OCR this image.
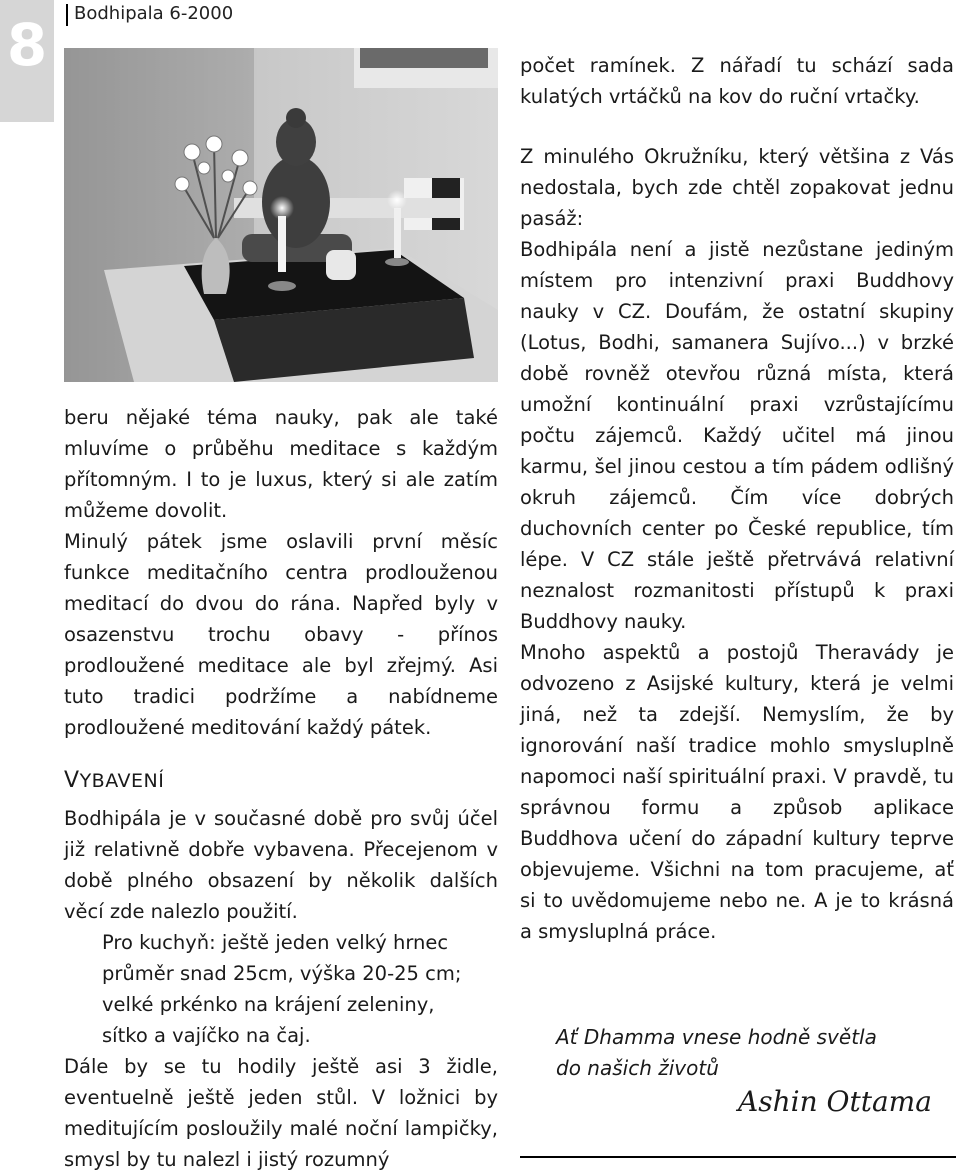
8	Bodhipala 6-2000

beru nějaké téma nauky, pak ale také mluvíme o průběhu meditace s každým přítomným. I to je luxus, který si ale zatím můžeme dovolit.

Minulý pátek jsme oslavili první měsíc funkce meditačního centra prodlouženou meditací do dvou do rána. Napřed byly v osazenstvu trochu obavy - přínos prodloužené meditace ale byl zřejmý. Asi tuto tradici podržíme a nabídneme prodloužené meditování každý pátek.

VYBAVENÍ

Bodhipála je v současné době pro svůj účel již relativně dobře vybavena. Přecejenom v době plného obsazení by několik dalších věcí zde nalezlo použití.

Pro kuchyň: ještě jeden velký hrnec
průměr snad 25cm, výška 20-25 cm;
velké prkénko na krájení zeleniny,
sítko a vajíčko na čaj.

Dále by se tu hodily ještě asi 3 židle, eventuelně ještě jeden stůl. V ložnici by meditujícím posloužily malé noční lampičky, smysl by tu nalezl i jistý rozumný

počet ramínek. Z nářadí tu schází sada kulatých vrtáčků na kov do ruční vrtačky.

Z minulého Okružníku, který většina z Vás nedostala, bych zde chtěl zopakovat jednu pasáž:

Bodhipála není a jistě nezůstane jediným místem pro intenzivní praxi Buddhovy nauky v CZ. Doufám, že ostatní skupiny (Lotus, Bodhi, samanera Sujívo...) v brzké době rovněž otevřou různá místa, která umožní kontinuální praxi vzrůstajícímu počtu zájemců. Každý učitel má jinou karmu, šel jinou cestou a tím pádem odlišný okruh zájemců. Čím více dobrých duchovních center po České republice, tím lépe. V CZ stále ještě přetrvává relativní neznalost rozmanitosti přístupů k praxi Buddhovy nauky.

Mnoho aspektů a postojů Theravády je odvozeno z Asijské kultury, která je velmi jiná, než ta zdejší. Nemyslím, že by ignorování naší tradice mohlo smysluplně napomoci naší spirituální praxi. V pravdě, tu správnou formu a způsob aplikace Buddhova učení do západní kultury teprve objevujeme. Všichni na tom pracujeme, ať si to uvědomujeme nebo ne. A je to krásná a smysluplná práce.

Ať Dhamma vnese hodně světla
do našich životů
Ashin Ottama
